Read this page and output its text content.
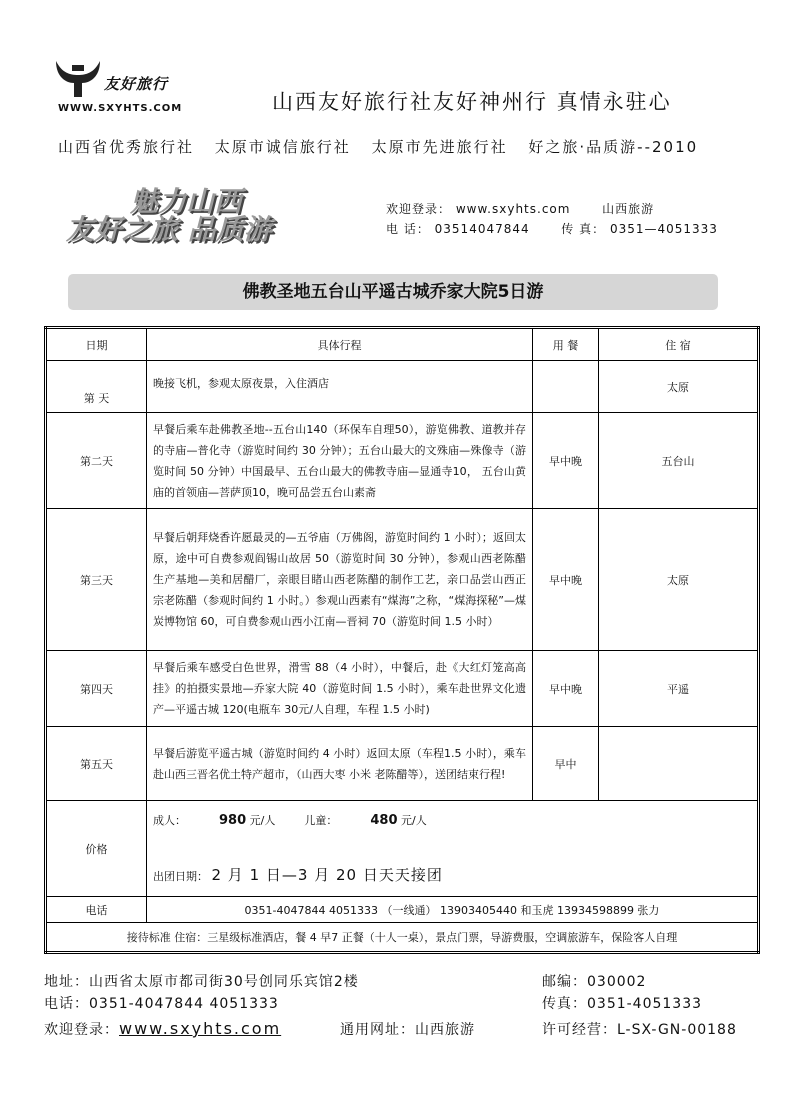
友好旅行
WWW.SXYHTS.COM	山西友好旅行社友好神州行 真情永驻心
山西省优秀旅行社 太原市诚信旅行社 太原市先进旅行社 好之旅·品质游--2010
魅力山西
友好之旅 品质游
欢迎登录： www.sxyhts.com	山西旅游
电 话： 03514047844	传 真： 0351—4051333
佛教圣地五台山平遥古城乔家大院5日游
日期	具体行程	用 餐	住 宿
第 天	晚接飞机，参观太原夜景，入住酒店		太原
第二天	早餐后乘车赴佛教圣地--五台山140（环保车自理50），游览佛教、道教并存的寺庙—普化寺（游览时间约 30 分钟）；五台山最大的文殊庙—殊像寺（游览时间 50 分钟）中国最早、五台山最大的佛教寺庙—显通寺10， 五台山黄庙的首领庙—菩萨顶10，晚可品尝五台山素斋	早中晚	五台山
第三天	早餐后朝拜烧香许愿最灵的—五爷庙（万佛阁，游览时间约 1 小时）；返回太原，途中可自费参观阎锡山故居 50（游览时间 30 分钟），参观山西老陈醋生产基地—美和居醋厂，亲眼目睹山西老陈醋的制作工艺，亲口品尝山西正宗老陈醋（参观时间约 1 小时。）参观山西素有“煤海”之称，“煤海探秘”—煤炭博物馆 60，可自费参观山西小江南—晋祠 70（游览时间 1.5 小时）	早中晚	太原
第四天	早餐后乘车感受白色世界，滑雪 88（4 小时），中餐后，赴《大红灯笼高高挂》的拍摄实景地—乔家大院 40（游览时间 1.5 小时），乘车赴世界文化遗产—平遥古城 120(电瓶车 30元/人自理，车程 1.5 小时)	早中晚	平遥
第五天	早餐后游览平遥古城（游览时间约 4 小时）返回太原（车程1.5 小时），乘车赴山西三晋名优土特产超市，（山西大枣 小米 老陈醋等），送团结束行程!	早中	
价格	成人： 980 元/人 儿童： 480 元/人
出团日期： 2 月 1 日—3 月 20 日天天接团		

电话	0351-4047844 4051333 （一线通） 13903405440 和玉虎 13934598899 张力		
接待标准 住宿：三星级标准酒店，餐 4 早7 正餐（十人一桌），景点门票，导游费服，空调旅游车，保险客人自理			
地址：山西省太原市都司街30号创同乐宾馆2楼	邮编：030002
电话：0351-4047844 4051333	传真：0351-4051333
欢迎登录：www.sxyhts.com	通用网址：山西旅游	许可经营：L-SX-GN-00188
